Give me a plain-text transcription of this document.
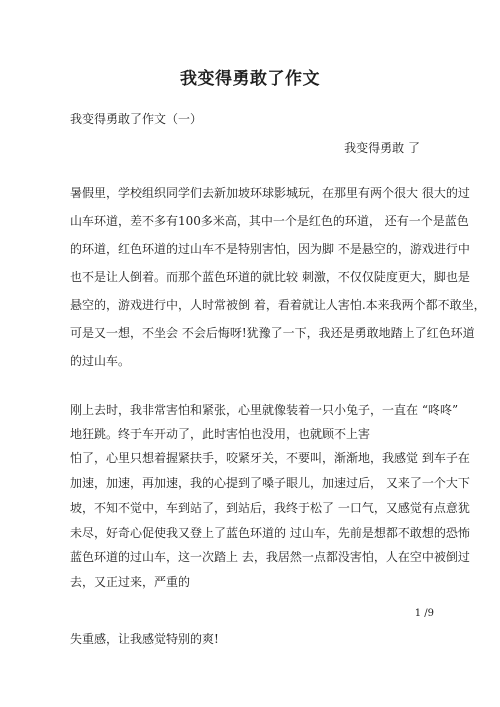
我变得勇敢了作文
我变得勇敢了作文（一）
我变得勇敢 了
暑假里，学校组织同学们去新加坡环球影城玩，在那里有两个很大 很大的过
山车环道，差不多有100多米高，其中一个是红色的环道， 还有一个是蓝色
的环道，红色环道的过山车不是特别害怕，因为脚 不是悬空的，游戏进行中
也不是让人倒着。而那个蓝色环道的就比较 刺激，不仅仅陡度更大，脚也是
悬空的，游戏进行中，人时常被倒 着，看着就让人害怕.本来我两个都不敢坐，
可是又一想，不坐会 不会后悔呀!犹豫了一下，我还是勇敢地踏上了红色环道
的过山车。
刚上去时，我非常害怕和紧张，心里就像装着一只小兔子，一直在 “咚咚”
地狂跳。终于车开动了，此时害怕也没用，也就顾不上害
怕了，心里只想着握紧扶手，咬紧牙关，不要叫，渐渐地，我感觉 到车子在
加速，加速，再加速，我的心提到了嗓子眼儿，加速过后， 又来了一个大下
坡，不知不觉中，车到站了，到站后，我终于松了 一口气，又感觉有点意犹
未尽，好奇心促使我又登上了蓝色环道的 过山车，先前是想都不敢想的恐怖
蓝色环道的过山车，这一次踏上 去，我居然一点都没害怕，人在空中被倒过
去，又正过来，严重的
1 /9
失重感，让我感觉特别的爽!
